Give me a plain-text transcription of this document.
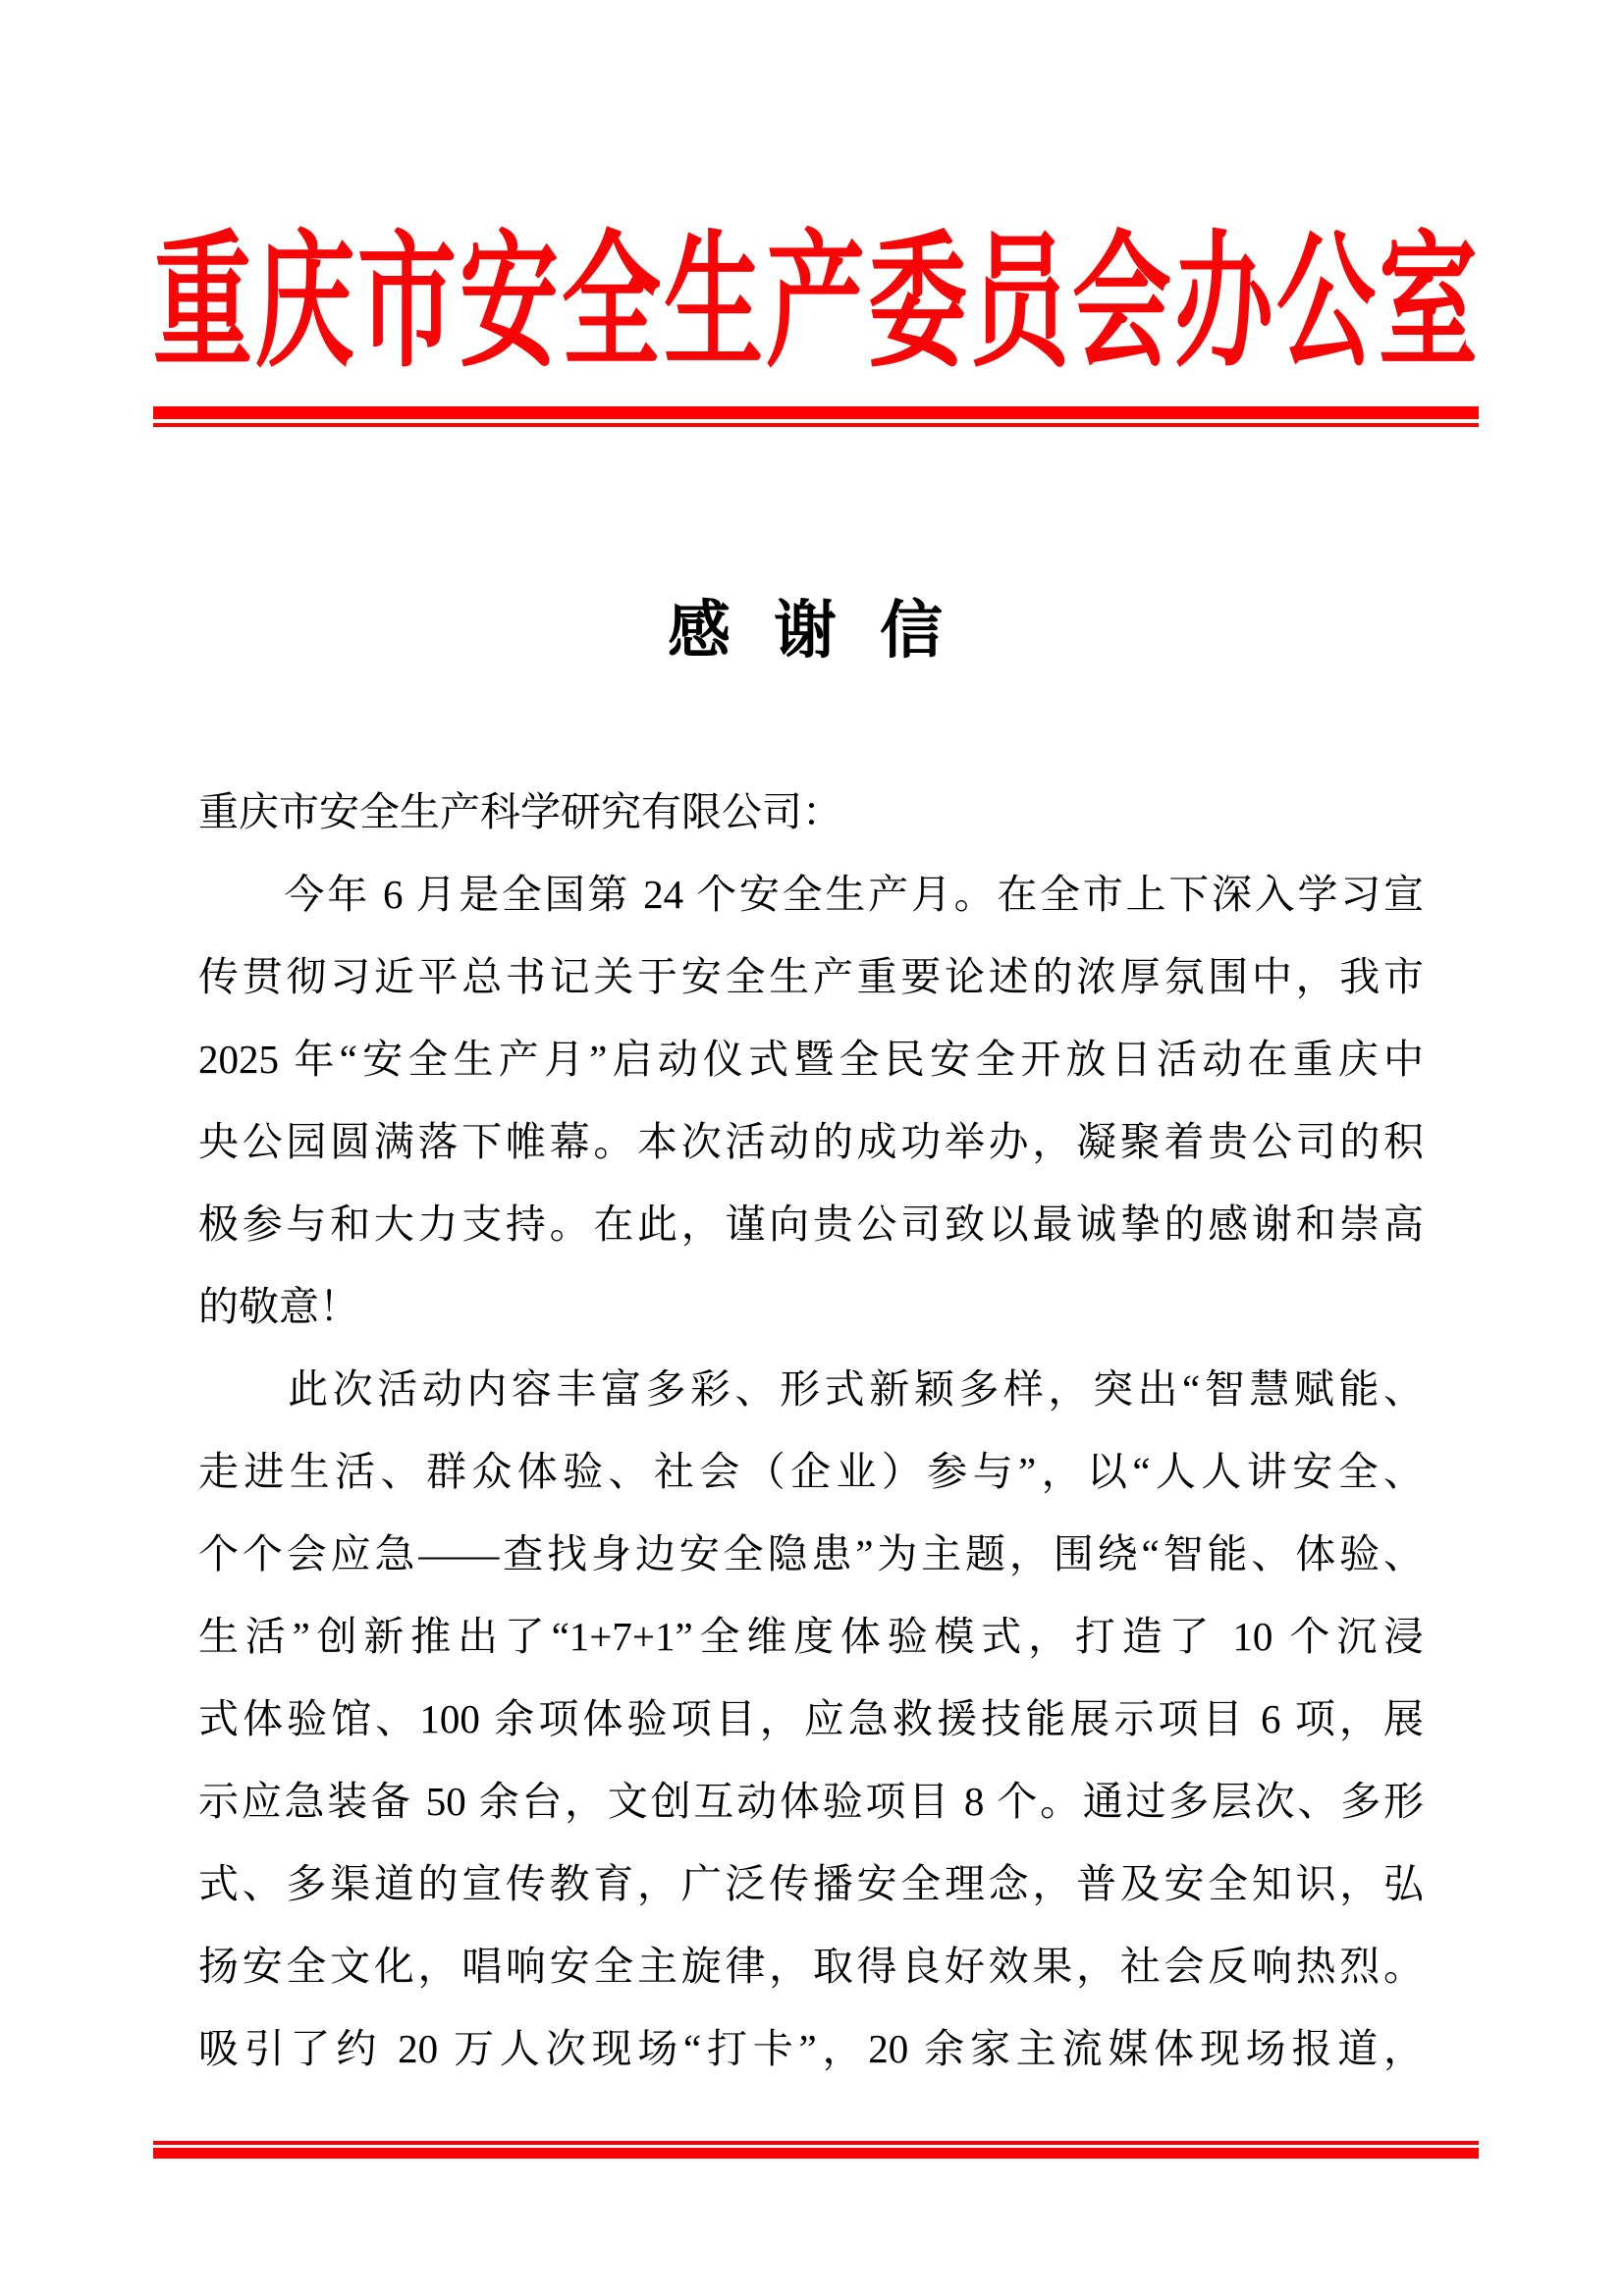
重庆市安全生产委员会办公室
感 谢 信
重庆市安全生产科学研究有限公司：
　　今年 6 月是全国第 24 个安全生产月。在全市上下深入学习宣
传贯彻习近平总书记关于安全生产重要论述的浓厚氛围中，我市
2025 年“安全生产月”启动仪式暨全民安全开放日活动在重庆中
央公园圆满落下帷幕。本次活动的成功举办，凝聚着贵公司的积
极参与和大力支持。在此，谨向贵公司致以最诚挚的感谢和崇高
的敬意！
　　此次活动内容丰富多彩、形式新颖多样，突出“智慧赋能、
走进生活、群众体验、社会（企业）参与”，以“人人讲安全、
个个会应急——查找身边安全隐患”为主题，围绕“智能、体验、
生活”创新推出了“1+7+1”全维度体验模式，打造了 10 个沉浸
式体验馆、100 余项体验项目，应急救援技能展示项目 6 项，展
示应急装备 50 余台，文创互动体验项目 8 个。通过多层次、多形
式、多渠道的宣传教育，广泛传播安全理念，普及安全知识，弘
扬安全文化，唱响安全主旋律，取得良好效果，社会反响热烈。
吸引了约 20 万人次现场“打卡”，20 余家主流媒体现场报道，
